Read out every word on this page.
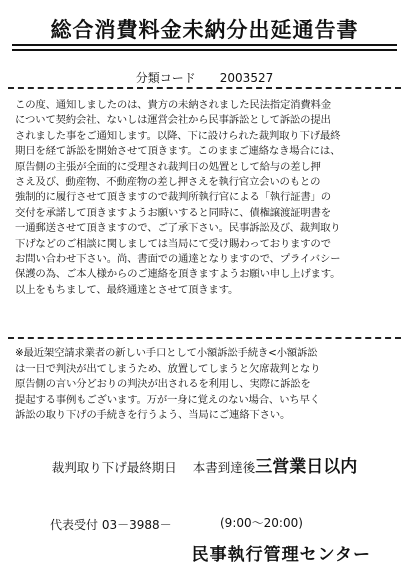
総合消費料金未納分出延通告書
分類コード 2003527

この度、通知しましたのは、貴方の未納されました民法指定消費料金

について契約会社、ないしは運営会社から民事訴訟として訴訟の提出

されました事をご通知します。以降、下に設けられた裁判取り下げ最終

期日を経て訴訟を開始させて頂きます。このままご連絡なき場合には、

原告側の主張が全面的に受理され裁判日の処置として給与の差し押

さえ及び、動産物、不動産物の差し押さえを執行官立会いのもとの

強制的に履行させて頂きますので裁判所執行官による「執行証書」の

交付を承諾して頂きますようお願いすると同時に、債権譲渡証明書を

一通郵送させて頂きますので、ご了承下さい。民事訴訟及び、裁判取り

下げなどのご相談に関しましては当局にて受け賜わっておりますので

お問い合わせ下さい。尚、書面での通達となりますので、プライバシー

保護の為、ご本人様からのご連絡を頂きますようお願い申し上げます。

以上をもちまして、最終通達とさせて頂きます。

※最近架空請求業者の新しい手口として小額訴訟手続き<小額訴訟

は一日で判決が出てしまうため、放置してしまうと欠席裁判となり

原告側の言い分どおりの判決が出されるを利用し、実際に訴訟を

提起する事例もございます。万が一身に覚えのない場合、いち早く

訴訟の取り下げの手続きを行うよう、当局にご連絡下さい。

裁判取り下げ最終期日 本書到達後三営業日以内
代表受付 03－3988－	(9:00～20:00)
民事執行管理センター
